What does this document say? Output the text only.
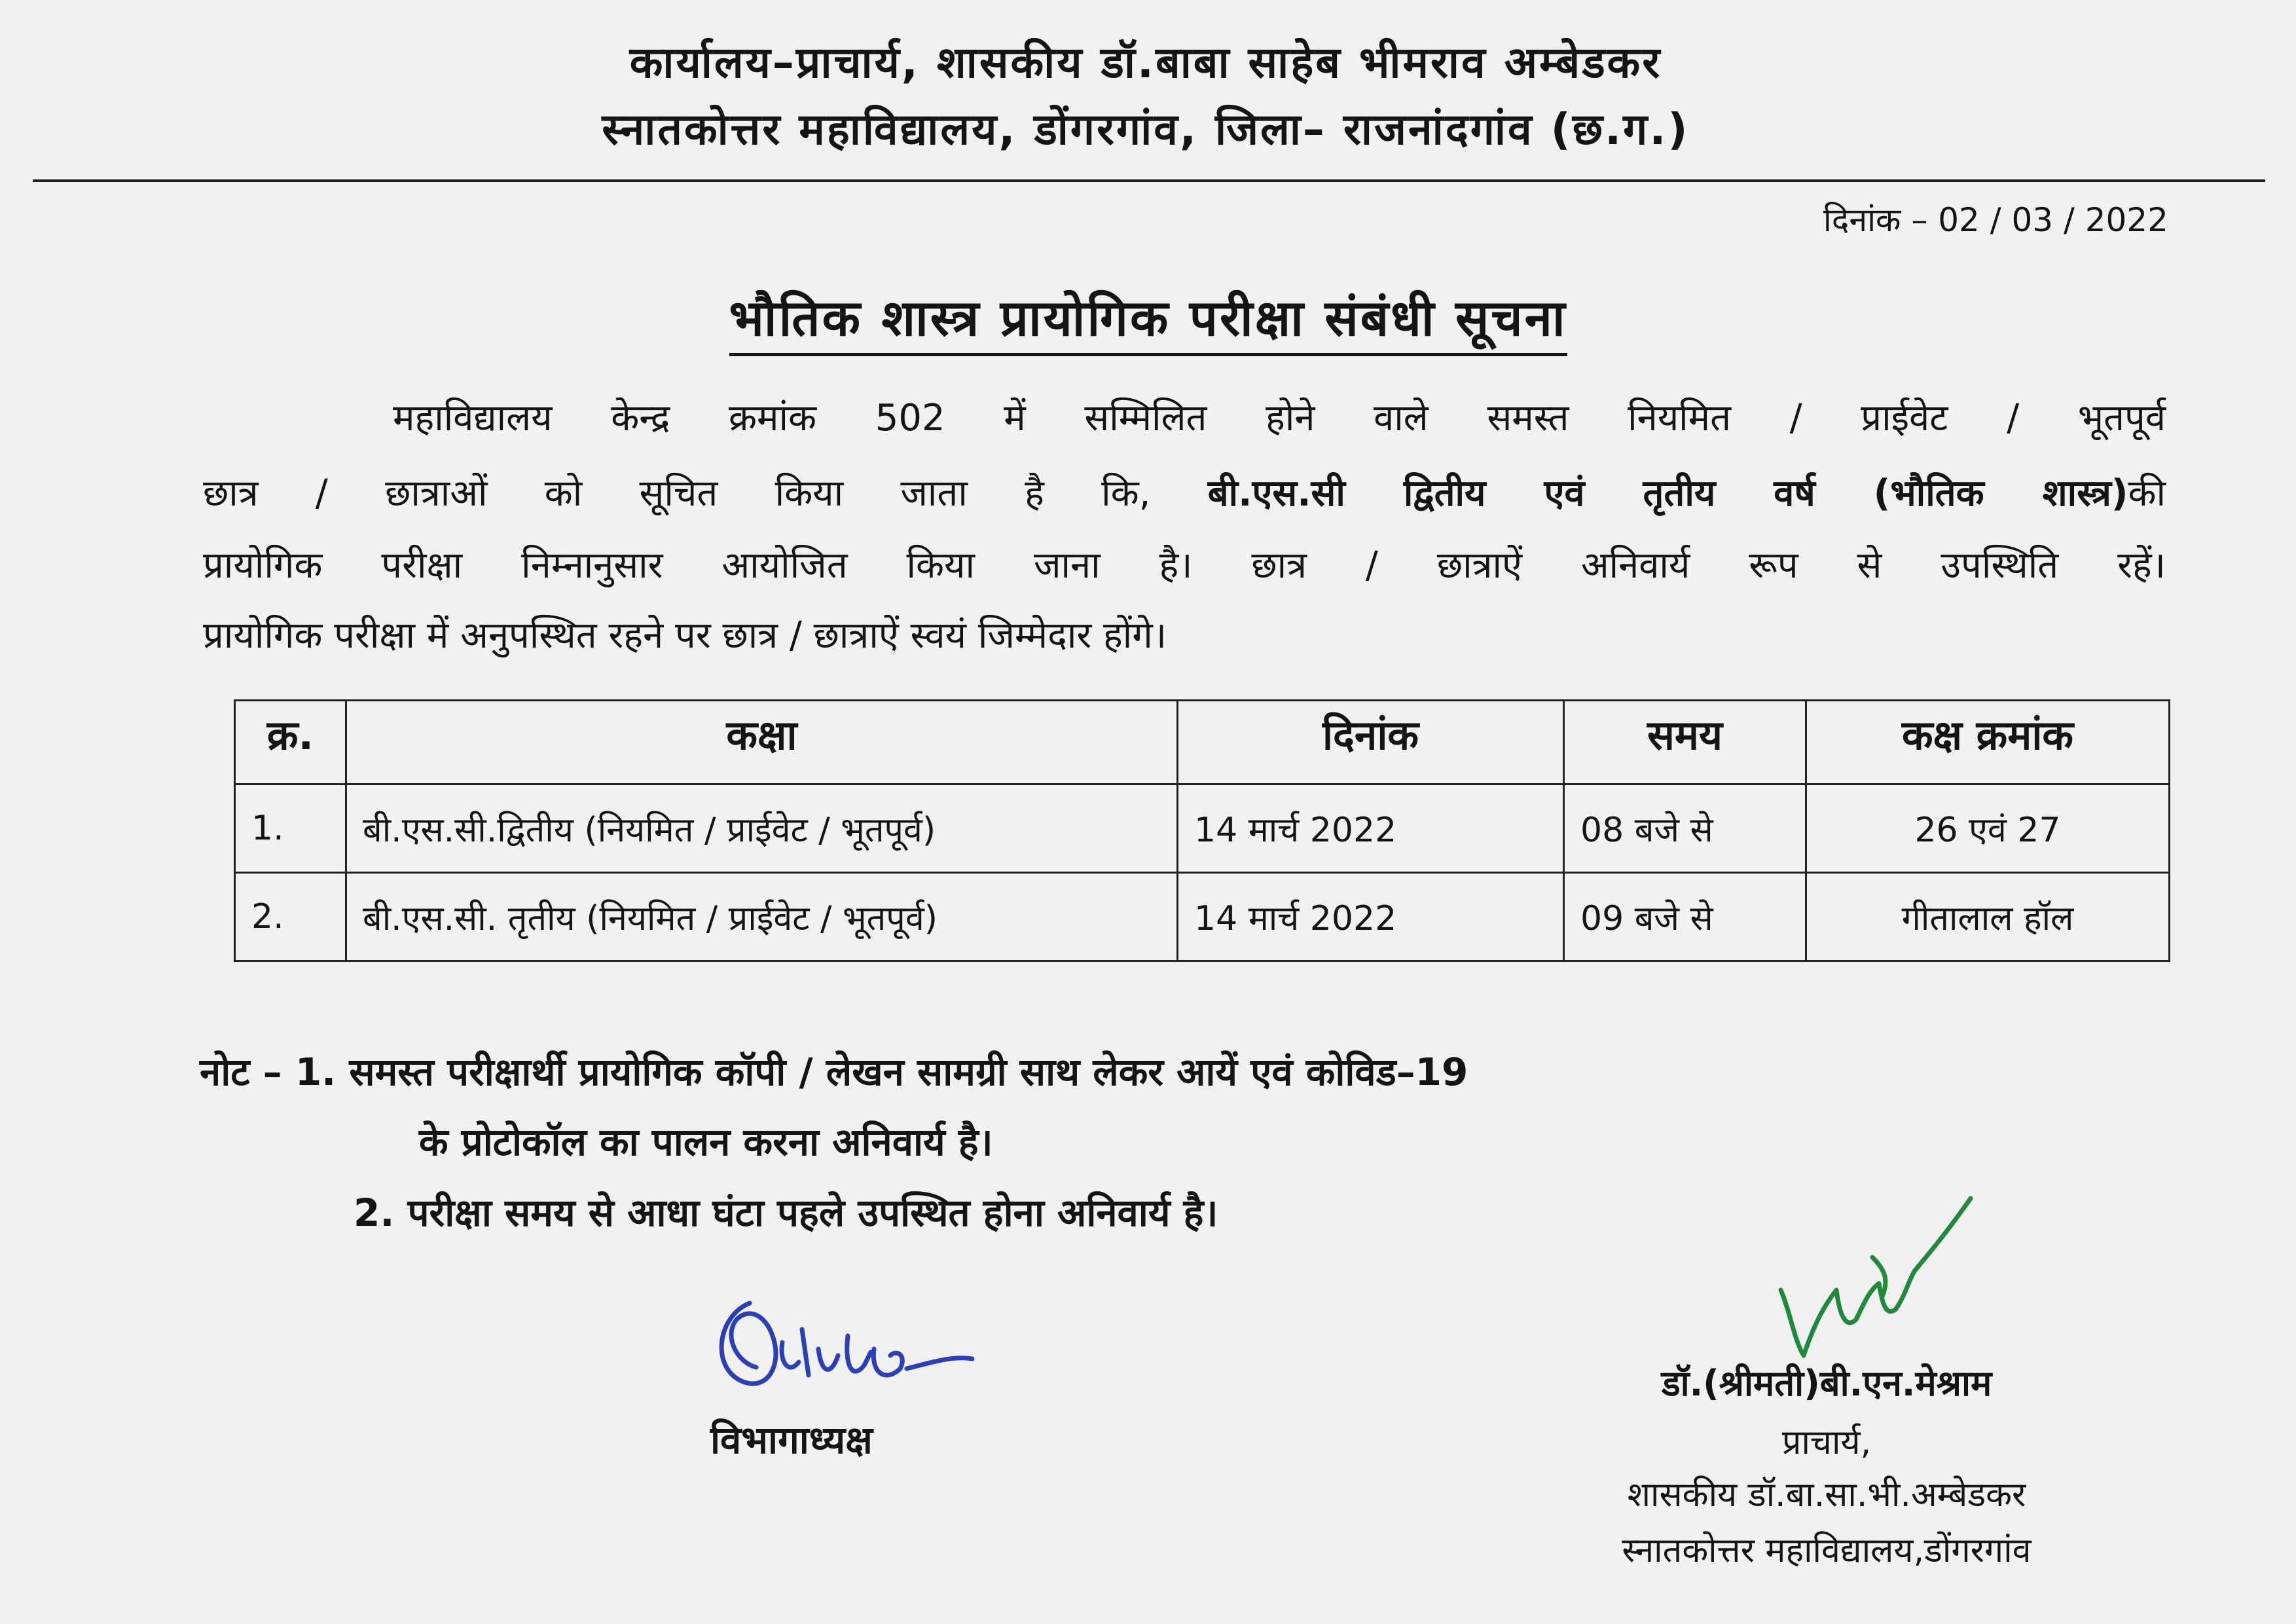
कार्यालय–प्राचार्य, शासकीय डॉ.बाबा साहेब भीमराव अम्बेडकर
स्नातकोत्तर महाविद्यालय, डोंगरगांव, जिला– राजनांदगांव (छ.ग.)
दिनांक – 02 / 03 / 2022
भौतिक शास्त्र प्रायोगिक परीक्षा संबंधी सूचना
महाविद्यालय केन्द्र क्रमांक 502 में सम्मिलित होने वाले समस्त नियमित / प्राईवेट / भूतपूर्व
छात्र / छात्राओं को सूचित किया जाता है कि, बी.एस.सी द्वितीय एवं तृतीय वर्ष (भौतिक शास्त्र)की
प्रायोगिक परीक्षा निम्नानुसार आयोजित किया जाना है। छात्र / छात्राऐं अनिवार्य रूप से उपस्थिति रहें।
प्रायोगिक परीक्षा में अनुपस्थित रहने पर छात्र / छात्राऐं स्वयं जिम्मेदार होंगे।
क्र.	कक्षा	दिनांक	समय	कक्ष क्रमांक
1.	बी.एस.सी.द्वितीय (नियमित / प्राईवेट / भूतपूर्व)	14 मार्च 2022	08 बजे से	26 एवं 27
2.	बी.एस.सी. तृतीय (नियमित / प्राईवेट / भूतपूर्व)	14 मार्च 2022	09 बजे से	गीतालाल हॉल
नोट – 1. समस्त परीक्षार्थी प्रायोगिक कॉपी / लेखन सामग्री साथ लेकर आयें एवं कोविड–19
के प्रोटोकॉल का पालन करना अनिवार्य है।
2. परीक्षा समय से आधा घंटा पहले उपस्थित होना अनिवार्य है।
विभागाध्यक्ष
डॉ.(श्रीमती)बी.एन.मेश्राम
प्राचार्य,
शासकीय डॉ.बा.सा.भी.अम्बेडकर
स्नातकोत्तर महाविद्यालय,डोंगरगांव
